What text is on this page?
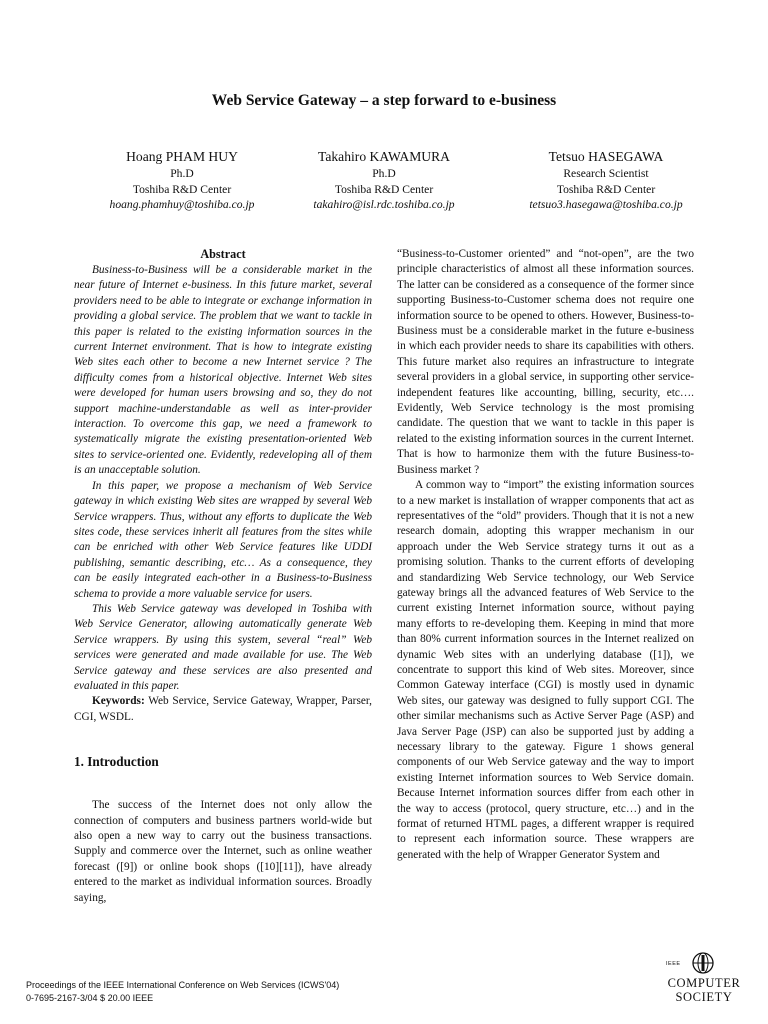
Web Service Gateway – a step forward to e-business
Hoang PHAM HUY
Ph.D
Toshiba R&D Center
hoang.phamhuy@toshiba.co.jp
Takahiro KAWAMURA
Ph.D
Toshiba R&D Center
takahiro@isl.rdc.toshiba.co.jp
Tetsuo HASEGAWA
Research Scientist
Toshiba R&D Center
tetsuo3.hasegawa@toshiba.co.jp
Abstract

Business-to-Business will be a considerable market in the near future of Internet e-business. In this future market, several providers need to be able to integrate or exchange information in providing a global service. The problem that we want to tackle in this paper is related to the existing information sources in the current Internet environment. That is how to integrate existing Web sites each other to become a new Internet service ? The difficulty comes from a historical objective. Internet Web sites were developed for human users browsing and so, they do not support machine-understandable as well as inter-provider interaction. To overcome this gap, we need a framework to systematically migrate the existing presentation-oriented Web sites to service-oriented one. Evidently, redeveloping all of them is an unacceptable solution.

In this paper, we propose a mechanism of Web Service gateway in which existing Web sites are wrapped by several Web Service wrappers. Thus, without any efforts to duplicate the Web sites code, these services inherit all features from the sites while can be enriched with other Web Service features like UDDI publishing, semantic describing, etc… As a consequence, they can be easily integrated each-other in a Business-to-Business schema to provide a more valuable service for users.

This Web Service gateway was developed in Toshiba with Web Service Generator, allowing automatically generate Web Service wrappers. By using this system, several “real” Web services were generated and made available for use. The Web Service gateway and these services are also presented and evaluated in this paper.

Keywords: Web Service, Service Gateway, Wrapper, Parser, CGI, WSDL.

1. Introduction

The success of the Internet does not only allow the connection of computers and business partners world-wide but also open a new way to carry out the business transactions. Supply and commerce over the Internet, such as online weather forecast ([9]) or online book shops ([10][11]), have already entered to the market as individual information sources. Broadly saying,

“Business-to-Customer oriented” and “not-open”, are the two principle characteristics of almost all these information sources. The latter can be considered as a consequence of the former since supporting Business-to-Customer schema does not require one information source to be opened to others. However, Business-to-Business must be a considerable market in the future e-business in which each provider needs to share its capabilities with others. This future market also requires an infrastructure to integrate several providers in a global service, in supporting other service-independent features like accounting, billing, security, etc…. Evidently, Web Service technology is the most promising candidate. The question that we want to tackle in this paper is related to the existing information sources in the current Internet. That is how to harmonize them with the future Business-to-Business market ?

A common way to “import” the existing information sources to a new market is installation of wrapper components that act as representatives of the “old” providers. Though that it is not a new research domain, adopting this wrapper mechanism in our approach under the Web Service strategy turns it out as a promising solution. Thanks to the current efforts of developing and standardizing Web Service technology, our Web Service gateway brings all the advanced features of Web Service to the current existing Internet information source, without paying many efforts to re-developing them. Keeping in mind that more than 80% current information sources in the Internet realized on dynamic Web sites with an underlying database ([1]), we concentrate to support this kind of Web sites. Moreover, since Common Gateway interface (CGI) is mostly used in dynamic Web sites, our gateway was designed to fully support CGI. The other similar mechanisms such as Active Server Page (ASP) and Java Server Page (JSP) can also be supported just by adding a necessary library to the gateway. Figure 1 shows general components of our Web Service gateway and the way to import existing Internet information sources to Web Service domain. Because Internet information sources differ from each other in the way to access (protocol, query structure, etc…) and in the format of returned HTML pages, a different wrapper is required to represent each information source. These wrappers are generated with the help of Wrapper Generator System and

Proceedings of the IEEE International Conference on Web Services (ICWS'04)
0-7695-2167-3/04 $ 20.00 IEEE
IEEE
COMPUTER
SOCIETY
